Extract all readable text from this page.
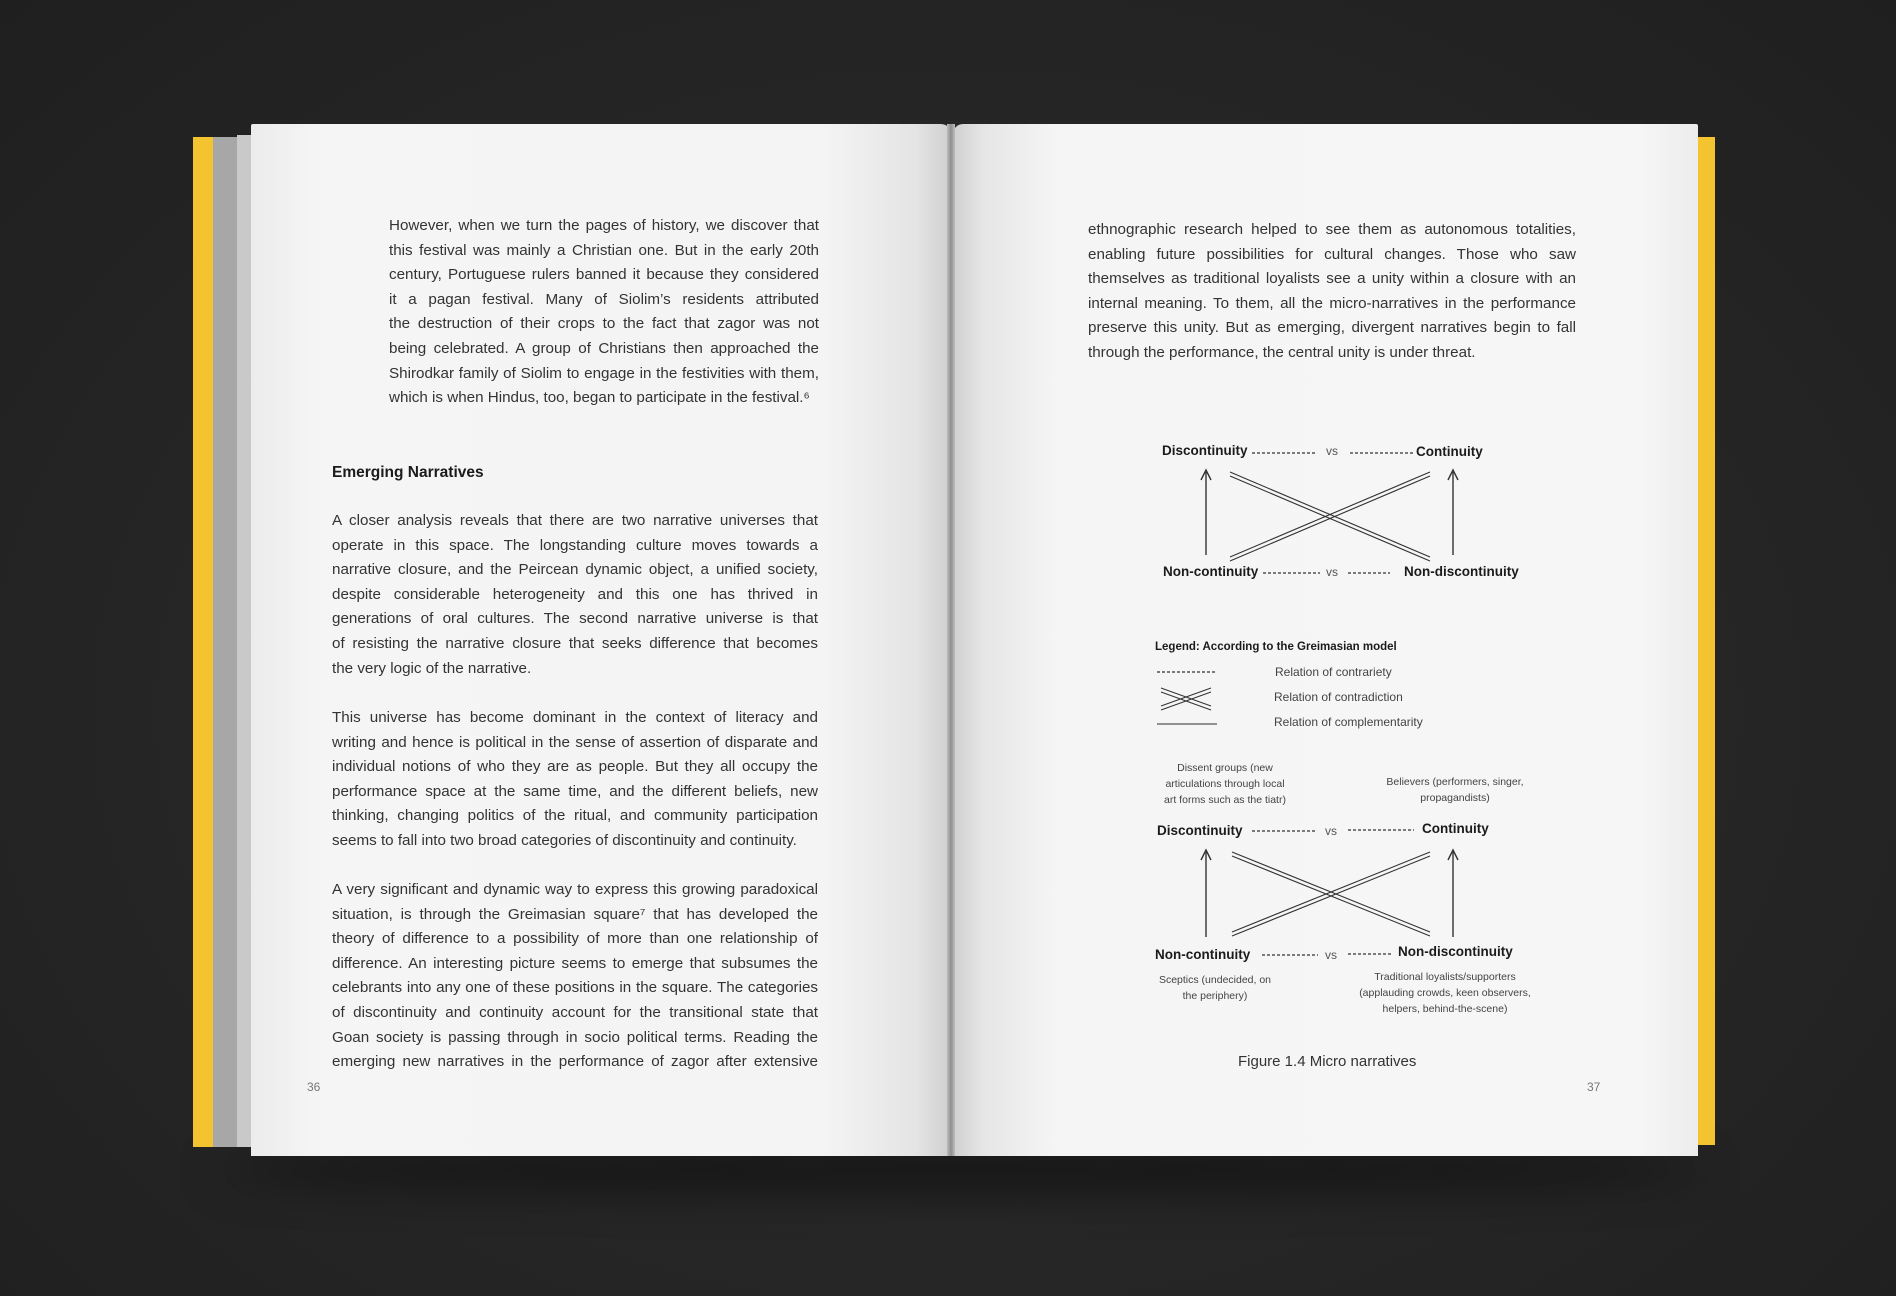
However, when we turn the pages of history, we discover that
this festival was mainly a Christian one. But in the early 20th
century, Portuguese rulers banned it because they considered
it a pagan festival. Many of Siolim’s residents attributed
the destruction of their crops to the fact that zagor was not
being celebrated. A group of Christians then approached the
Shirodkar family of Siolim to engage in the festivities with them,
which is when Hindus, too, began to participate in the festival.⁶
Emerging Narratives
A closer analysis reveals that there are two narrative universes that
operate in this space. The longstanding culture moves towards a
narrative closure, and the Peircean dynamic object, a unified society,
despite considerable heterogeneity and this one has thrived in
generations of oral cultures. The second narrative universe is that
of resisting the narrative closure that seeks difference that becomes
the very logic of the narrative.
This universe has become dominant in the context of literacy and
writing and hence is political in the sense of assertion of disparate and
individual notions of who they are as people. But they all occupy the
performance space at the same time, and the different beliefs, new
thinking, changing politics of the ritual, and community participation
seems to fall into two broad categories of discontinuity and continuity.
A very significant and dynamic way to express this growing paradoxical
situation, is through the Greimasian square⁷ that has developed the
theory of difference to a possibility of more than one relationship of
difference. An interesting picture seems to emerge that subsumes the
celebrants into any one of these positions in the square. The categories
of discontinuity and continuity account for the transitional state that
Goan society is passing through in socio political terms. Reading the
emerging new narratives in the performance of zagor after extensive
36
ethnographic research helped to see them as autonomous totalities,
enabling future possibilities for cultural changes. Those who saw
themselves as traditional loyalists see a unity within a closure with an
internal meaning. To them, all the micro-narratives in the performance
preserve this unity. But as emerging, divergent narratives begin to fall
through the performance, the central unity is under threat.
Discontinuity	Continuity
Non-continuity	Non-discontinuity
vs
vs
Legend: According to the Greimasian model
Relation of contrariety
Relation of contradiction
Relation of complementarity
Dissent groups (new
articulations through local
art forms such as the tiatr)
Believers (performers, singer,
propagandists)
Discontinuity	Continuity
Non-continuity	Non-discontinuity
vs
vs
Sceptics (undecided, on
the periphery)
Traditional loyalists/supporters
(applauding crowds, keen observers,
helpers, behind-the-scene)
Figure 1.4 Micro narratives
37
